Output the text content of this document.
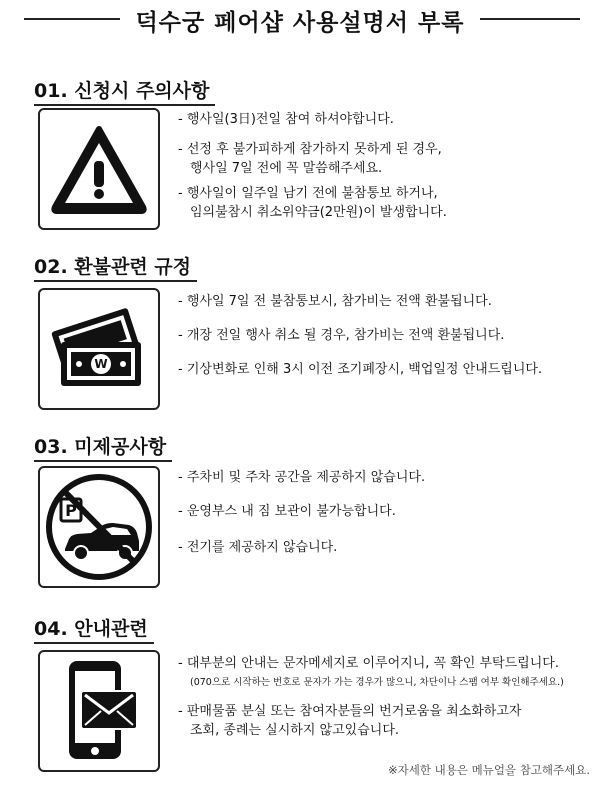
덕수궁 페어샵 사용설명서 부록
01. 신청시 주의사항
- 행사일(3日)전일 참여 하셔야합니다.
- 선정 후 불가피하게 참가하지 못하게 된 경우,
행사일 7일 전에 꼭 말씀해주세요.
- 행사일이 일주일 남기 전에 불참통보 하거나,
임의불참시 취소위약금(2만원)이 발생합니다.
02. 환불관련 규정
W
- 행사일 7일 전 불참통보시, 참가비는 전액 환불됩니다.
- 개장 전일 행사 취소 될 경우, 참가비는 전액 환불됩니다.
- 기상변화로 인해 3시 이전 조기폐장시, 백업일정 안내드립니다.
03. 미제공사항
P
- 주차비 및 주차 공간을 제공하지 않습니다.
- 운영부스 내 짐 보관이 불가능합니다.
- 전기를 제공하지 않습니다.
04. 안내관련
- 대부분의 안내는 문자메세지로 이루어지니, 꼭 확인 부탁드립니다.
(070으로 시작하는 번호로 문자가 가는 경우가 많으니, 차단이나 스팸 여부 확인해주세요.)
- 판매물품 분실 또는 참여자분들의 번거로움을 최소화하고자
조회, 종례는 실시하지 않고있습니다.
※자세한 내용은 메뉴얼을 참고해주세요.
